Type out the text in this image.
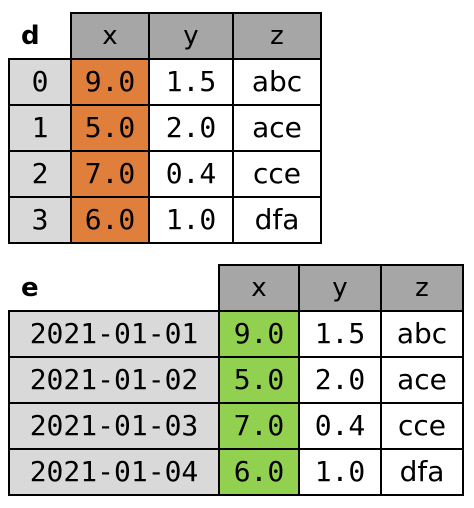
d	x	y	z
0	9.0	1.5	abc
1	5.0	2.0	ace
2	7.0	0.4	cce
3	6.0	1.0	dfa
e	x	y	z
2021-01-01	9.0	1.5	abc
2021-01-02	5.0	2.0	ace
2021-01-03	7.0	0.4	cce
2021-01-04	6.0	1.0	dfa
